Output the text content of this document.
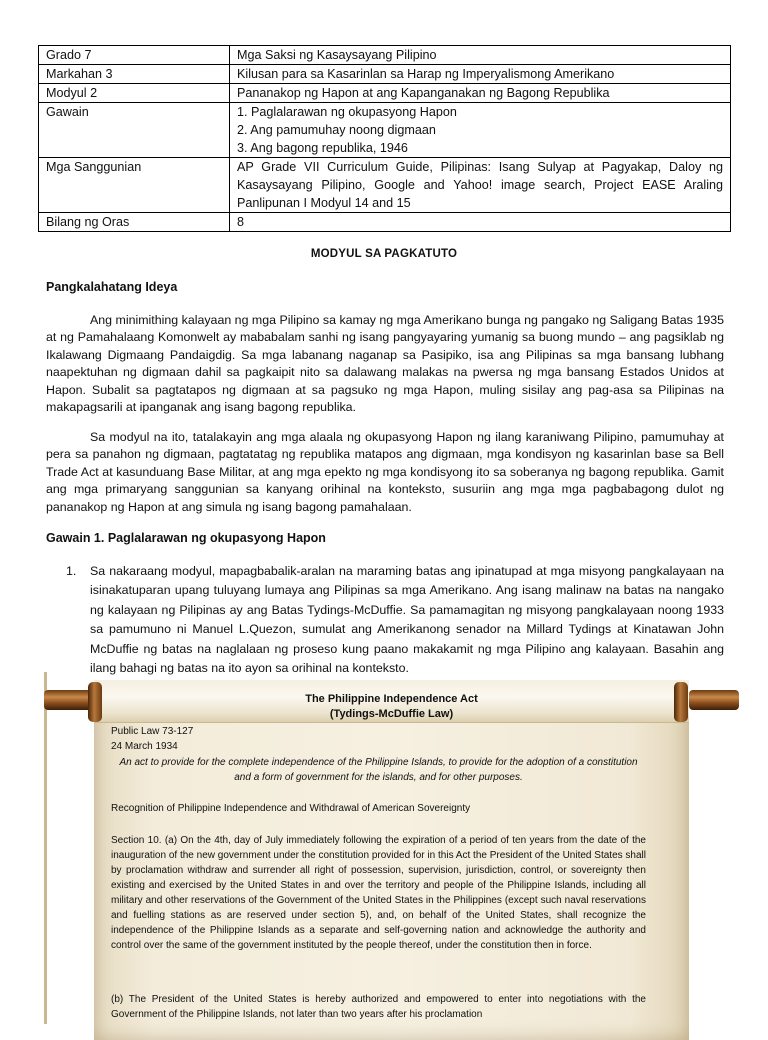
Grado 7	Mga Saksi ng Kasaysayang Pilipino

Markahan 3	Kilusan para sa Kasarinlan sa Harap ng Imperyalismong Amerikano

Modyul 2	Pananakop ng Hapon at ang Kapanganakan ng Bagong Republika

Gawain	1. Paglalarawan ng okupasyong Hapon
2. Ang pamumuhay noong digmaan
3. Ang bagong republika, 1946

Mga Sanggunian	AP Grade VII Curriculum Guide, Pilipinas: Isang Sulyap at Pagyakap, Daloy ng Kasaysayang Pilipino, Google and Yahoo! image search, Project EASE Araling Panlipunan I Modyul 14 and 15
Bilang ng Oras	8
MODYUL SA PAGKATUTO
Pangkalahatang Ideya

Ang minimithing kalayaan ng mga Pilipino sa kamay ng mga Amerikano bunga ng pangako ng Saligang Batas 1935 at ng Pamahalaang Komonwelt ay mababalam sanhi ng isang pangyayaring yumanig sa buong mundo – ang pagsiklab ng Ikalawang Digmaang Pandaigdig. Sa mga labanang naganap sa Pasipiko, isa ang Pilipinas sa mga bansang lubhang naapektuhan ng digmaan dahil sa pagkaipit nito sa dalawang malakas na pwersa ng mga bansang Estados Unidos at Hapon. Subalit sa pagtatapos ng digmaan at sa pagsuko ng mga Hapon, muling sisilay ang pag-asa sa Pilipinas na makapagsarili at ipanganak ang isang bagong republika.

Sa modyul na ito, tatalakayin ang mga alaala ng okupasyong Hapon ng ilang karaniwang Pilipino, pamumuhay at pera sa panahon ng digmaan, pagtatatag ng republika matapos ang digmaan, mga kondisyon ng kasarinlan base sa Bell Trade Act at kasunduang Base Militar, at ang mga epekto ng mga kondisyong ito sa soberanya ng bagong republika. Gamit ang mga primaryang sanggunian sa kanyang orihinal na konteksto, susuriin ang mga mga pagbabagong dulot ng pananakop ng Hapon at ang simula ng isang bagong pamahalaan.

Gawain 1. Paglalarawan ng okupasyong Hapon
1. Sa nakaraang modyul, mapagbabalik-aralan na maraming batas ang ipinatupad at mga misyong pangkalayaan na isinakatuparan upang tuluyang lumaya ang Pilipinas sa mga Amerikano. Ang isang malinaw na batas na nangako ng kalayaan ng Pilipinas ay ang Batas Tydings-McDuffie. Sa pamamagitan ng misyong pangkalayaan noong 1933 sa pamumuno ni Manuel L.Quezon, sumulat ang Amerikanong senador na Millard Tydings at Kinatawan John McDuffie ng batas na naglalaan ng proseso kung paano makakamit ng mga Pilipino ang kalayaan. Basahin ang ilang bahagi ng batas na ito ayon sa orihinal na konteksto.
The Philippine Independence Act
(Tydings-McDuffie Law)
Public Law 73-127
24 March 1934
An act to provide for the complete independence of the Philippine Islands, to provide for the adoption of a constitution and a form of government for the islands, and for other purposes.
Recognition of Philippine Independence and Withdrawal of American Sovereignty
Section 10. (a) On the 4th, day of July immediately following the expiration of a period of ten years from the date of the inauguration of the new government under the constitution provided for in this Act the President of the United States shall by proclamation withdraw and surrender all right of possession, supervision, jurisdiction, control, or sovereignty then existing and exercised by the United States in and over the territory and people of the Philippine Islands, including all military and other reservations of the Government of the United States in the Philippines (except such naval reservations and fuelling stations as are reserved under section 5), and, on behalf of the United States, shall recognize the independence of the Philippine Islands as a separate and self-governing nation and acknowledge the authority and control over the same of the government instituted by the people thereof, under the constitution then in force.
(b) The President of the United States is hereby authorized and empowered to enter into negotiations with the Government of the Philippine Islands, not later than two years after his proclamation
